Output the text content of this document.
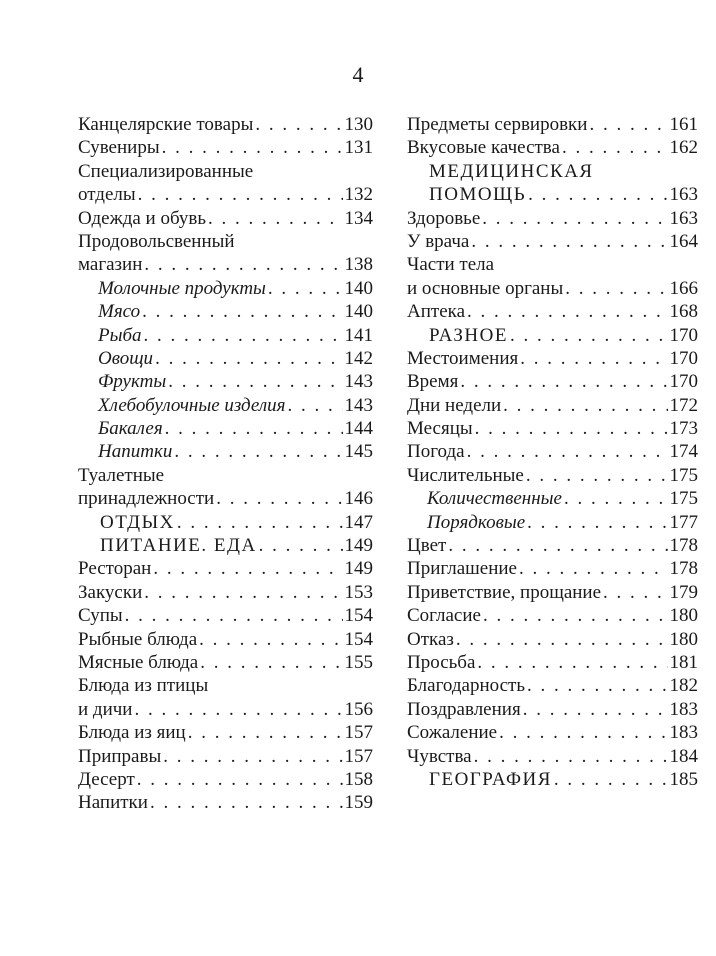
4
Канцелярские товары . . .	130
Сувениры . . .	131
Специализированные
отделы . . .	132
Одежда и обувь . . .	134
Продовольсвенный
магазин . . .	138
Молочные продукты . . .	140
Мясо . . .	140
Рыба . . .	141
Овощи . . .	142
Фрукты . . .	143
Хлебобулочные изделия . . .	143
Бакалея . . .	144
Напитки . . .	145
Туалетные
принадлежности . . .	146
ОТДЫХ . . .	147
ПИТАНИЕ. ЕДА . . .	149
Ресторан . . .	149
Закуски . . .	153
Супы . . .	154
Рыбные блюда . . .	154
Мясные блюда . . .	155
Блюда из птицы
и дичи . . .	156
Блюда из яиц . . .	157
Приправы . . .	157
Десерт . . .	158
Напитки . . .	159
Предметы сервировки . . .	161
Вкусовые качества . . .	162
МЕДИЦИНСКАЯ
ПОМОЩЬ . . .	163
Здоровье . . .	163
У врача . . .	164
Части тела
и основные органы . . .	166
Аптека . . .	168
РАЗНОЕ . . .	170
Местоимения . . .	170
Время . . .	170
Дни недели . . .	172
Месяцы . . .	173
Погода . . .	174
Числительные . . .	175
Количественные . . .	175
Порядковые . . .	177
Цвет . . .	178
Приглашение . . .	178
Приветствие, прощание . . .	179
Согласие . . .	180
Отказ . . .	180
Просьба . . .	181
Благодарность . . .	182
Поздравления . . .	183
Сожаление . . .	183
Чувства . . .	184
ГЕОГРАФИЯ . . .	185
